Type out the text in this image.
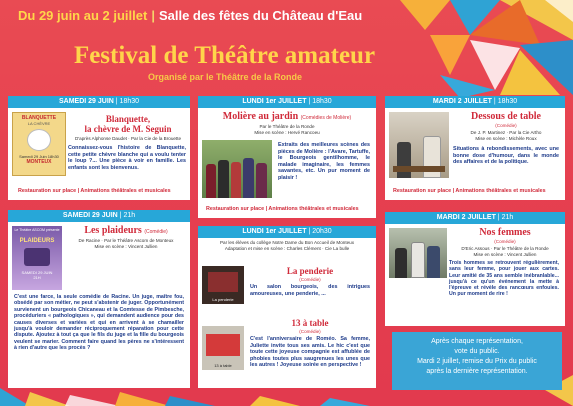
Du 29 juin au 2 juillet | Salle des fêtes du Château d'Eau
Festival de Théâtre amateur
Organisé par le Théâtre de la Ronde
SAMEDI 29 JUIN | 18h30
BLANQUETTE
LA CHÈVRE
Samedi 29 Juin 18h30
MONTEUX
Blanquette,
la chèvre de M. Seguin
D'après Alphonse Daudet · Par la Cie de la Brouette
Connaissez-vous l'histoire de Blanquette, cette petite chèvre blanche qui a voulu tenter le loup ?... Une pièce à voir en famille. Les enfants sont les bienvenus.
Restauration sur place | Animations théâtrales et musicales
LUNDI 1er JUILLET | 18h30
Molière au jardin (Comédies de Molière)
Par le Théâtre de la Ronde
Mise en scène : Hervé Rancoeu
Extraits des meilleures scènes des pièces de Molière : l'Avare, Tartuffe, le Bourgeois gentilhomme, le malade imaginaire, les femmes savantes, etc. Un pur moment de plaisir !
Restauration sur place | Animations théâtrales et musicales
MARDI 2 JUILLET | 18h30
Dessous de table
(Comédie)
De J. P. Martinez · Par la Cie Artho
Mise en scène : Michèle Roux
Situations à rebondissements, avec une bonne dose d'humour, dans le monde des affaires et de la politique.
Restauration sur place | Animations théâtrales et musicales
SAMEDI 29 JUIN | 21h
Le Théâtre ASCOM présente
PLAIDEURS
SAMEDI 29 JUIN
21H
Les plaideurs (Comédie)
De Racine · Par le Théâtre Ascom de Monteux
Mise en scène : Vincent Jullien
C'est une farce, la seule comédie de Racine. Un juge, maître fou, obsédé par son métier, ne peut s'abstenir de juger. Opportunément survienent un bourgeois Chicaneau et la Comtesse de Pimbesche, procéduriers « pathologiques », qui demandent audience pour des causes diverses et variées et qui en arrivent à se chamailler jusqu'à vouloir demander réciproquement réparation pour cette dispute. Ajoutez à tout ça que le fils du juge et la fille du bourgeois veulent se marier. Comment faire quand les pères ne s'intéressent à rien d'autre que les procès ?
LUNDI 1er JUILLET | 20h30
Par les élèves du collège Notre Dame du Bon Accueil de Monteux
Adaptation et mise en scène : Charles Clément · Cie La bulle
La penderie
La penderie
(Comédie)
Un salon bourgeois, des intrigues amoureuses, une penderie, ...
13 à table
13 à table
(Comédie)
C'est l'anniversaire de Roméo. Sa femme, Juliette invite tous ses amis. Le hic c'est que toute cette joyeuse compagnie est affublée de phobies toutes plus saugrenues les unes que les autres ! Joyeuse soirée en perspective !
MARDI 2 JUILLET | 21h
Nos femmes
(Comédie)
D'Eric Assous · Par le Théâtre de la Ronde
Mise en scène : Vincent Jullien
Trois hommes se retrouvent régulièrement, sans leur femme, pour jouer aux cartes. Leur amitié de 35 ans semble inébranlable... jusqu'à ce qu'un événement la mette à l'épreuve et révèle des rancœurs enfouies. Un pur moment de rire !
Après chaque représentation,
vote du public.
Mardi 2 juillet, remise du Prix du public
après la dernière représentation.
